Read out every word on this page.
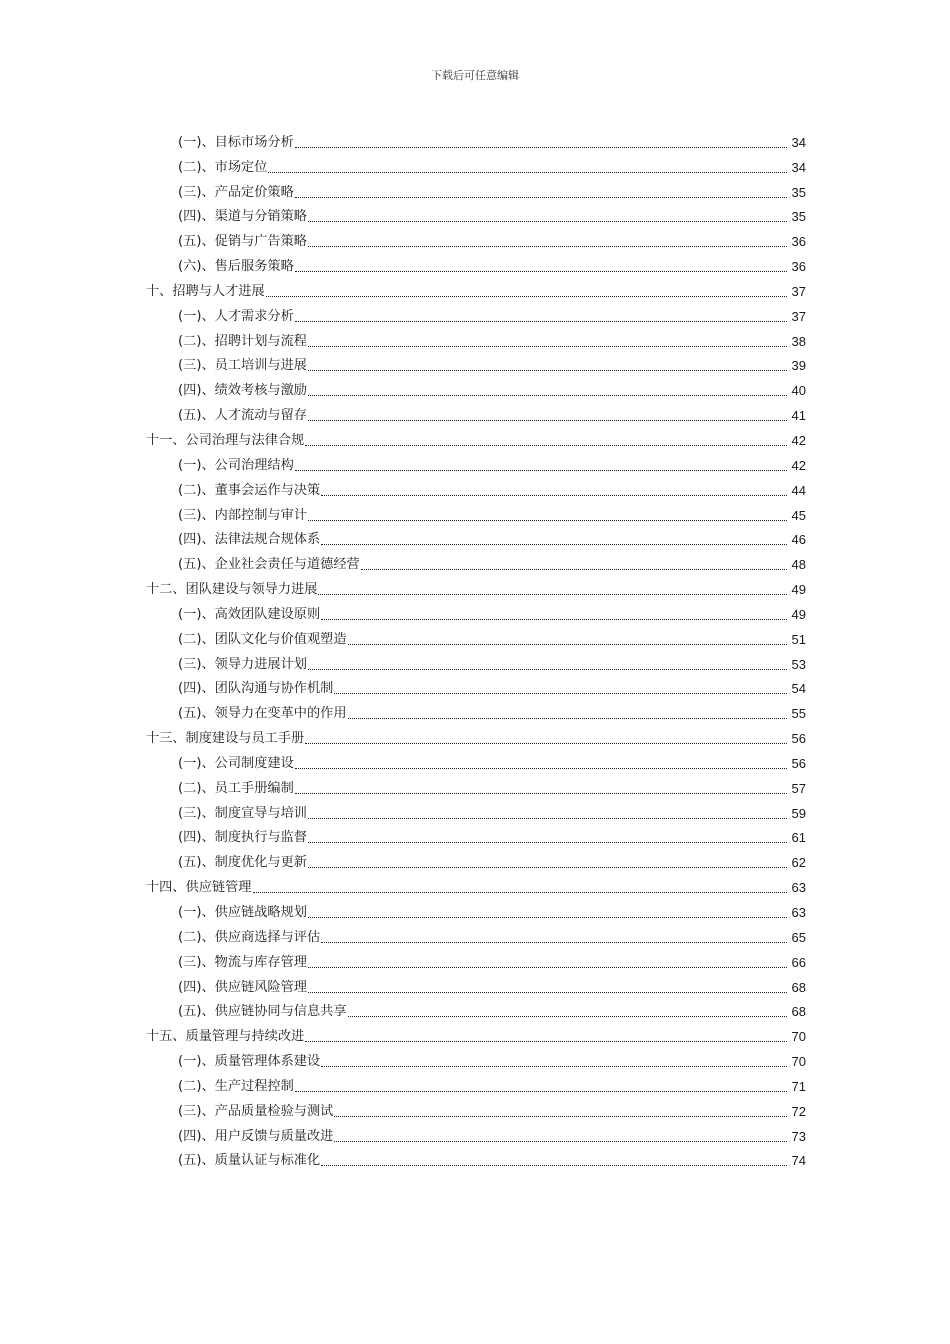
下载后可任意编辑
(一)、目标市场分析	34
(二)、市场定位	34
(三)、产品定价策略	35
(四)、渠道与分销策略	35
(五)、促销与广告策略	36
(六)、售后服务策略	36
十、招聘与人才进展	37
(一)、人才需求分析	37
(二)、招聘计划与流程	38
(三)、员工培训与进展	39
(四)、绩效考核与激励	40
(五)、人才流动与留存	41
十一、公司治理与法律合规	42
(一)、公司治理结构	42
(二)、董事会运作与决策	44
(三)、内部控制与审计	45
(四)、法律法规合规体系	46
(五)、企业社会责任与道德经营	48
十二、团队建设与领导力进展	49
(一)、高效团队建设原则	49
(二)、团队文化与价值观塑造	51
(三)、领导力进展计划	53
(四)、团队沟通与协作机制	54
(五)、领导力在变革中的作用	55
十三、制度建设与员工手册	56
(一)、公司制度建设	56
(二)、员工手册编制	57
(三)、制度宣导与培训	59
(四)、制度执行与监督	61
(五)、制度优化与更新	62
十四、供应链管理	63
(一)、供应链战略规划	63
(二)、供应商选择与评估	65
(三)、物流与库存管理	66
(四)、供应链风险管理	68
(五)、供应链协同与信息共享	68
十五、质量管理与持续改进	70
(一)、质量管理体系建设	70
(二)、生产过程控制	71
(三)、产品质量检验与测试	72
(四)、用户反馈与质量改进	73
(五)、质量认证与标准化	74
